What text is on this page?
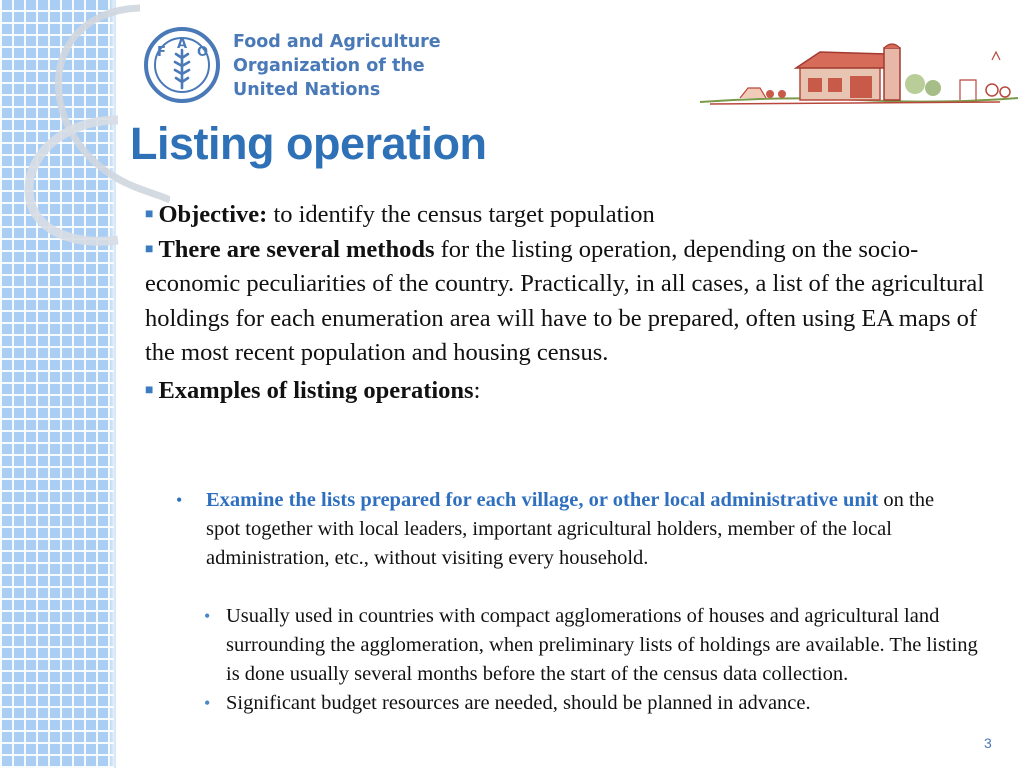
F
A
O
Food and Agriculture
Organization of the
United Nations
Listing operation

■ Objective: to identify the census target population

■ There are several methods for the listing operation, depending on the socio-economic peculiarities of the country. Practically, in all cases, a list of the agricultural holdings for each enumeration area will have to be prepared, often using EA maps of the most recent population and housing census.

■ Examples of listing operations:

• Examine the lists prepared for each village, or other local administrative unit on the spot together with local leaders, important agricultural holders, member of the local administration, etc., without visiting every household.
• Usually used in countries with compact agglomerations of houses and agricultural land surrounding the agglomeration, when preliminary lists of holdings are available. The listing is done usually several months before the start of the census data collection.
• Significant budget resources are needed, should be planned in advance.
3
